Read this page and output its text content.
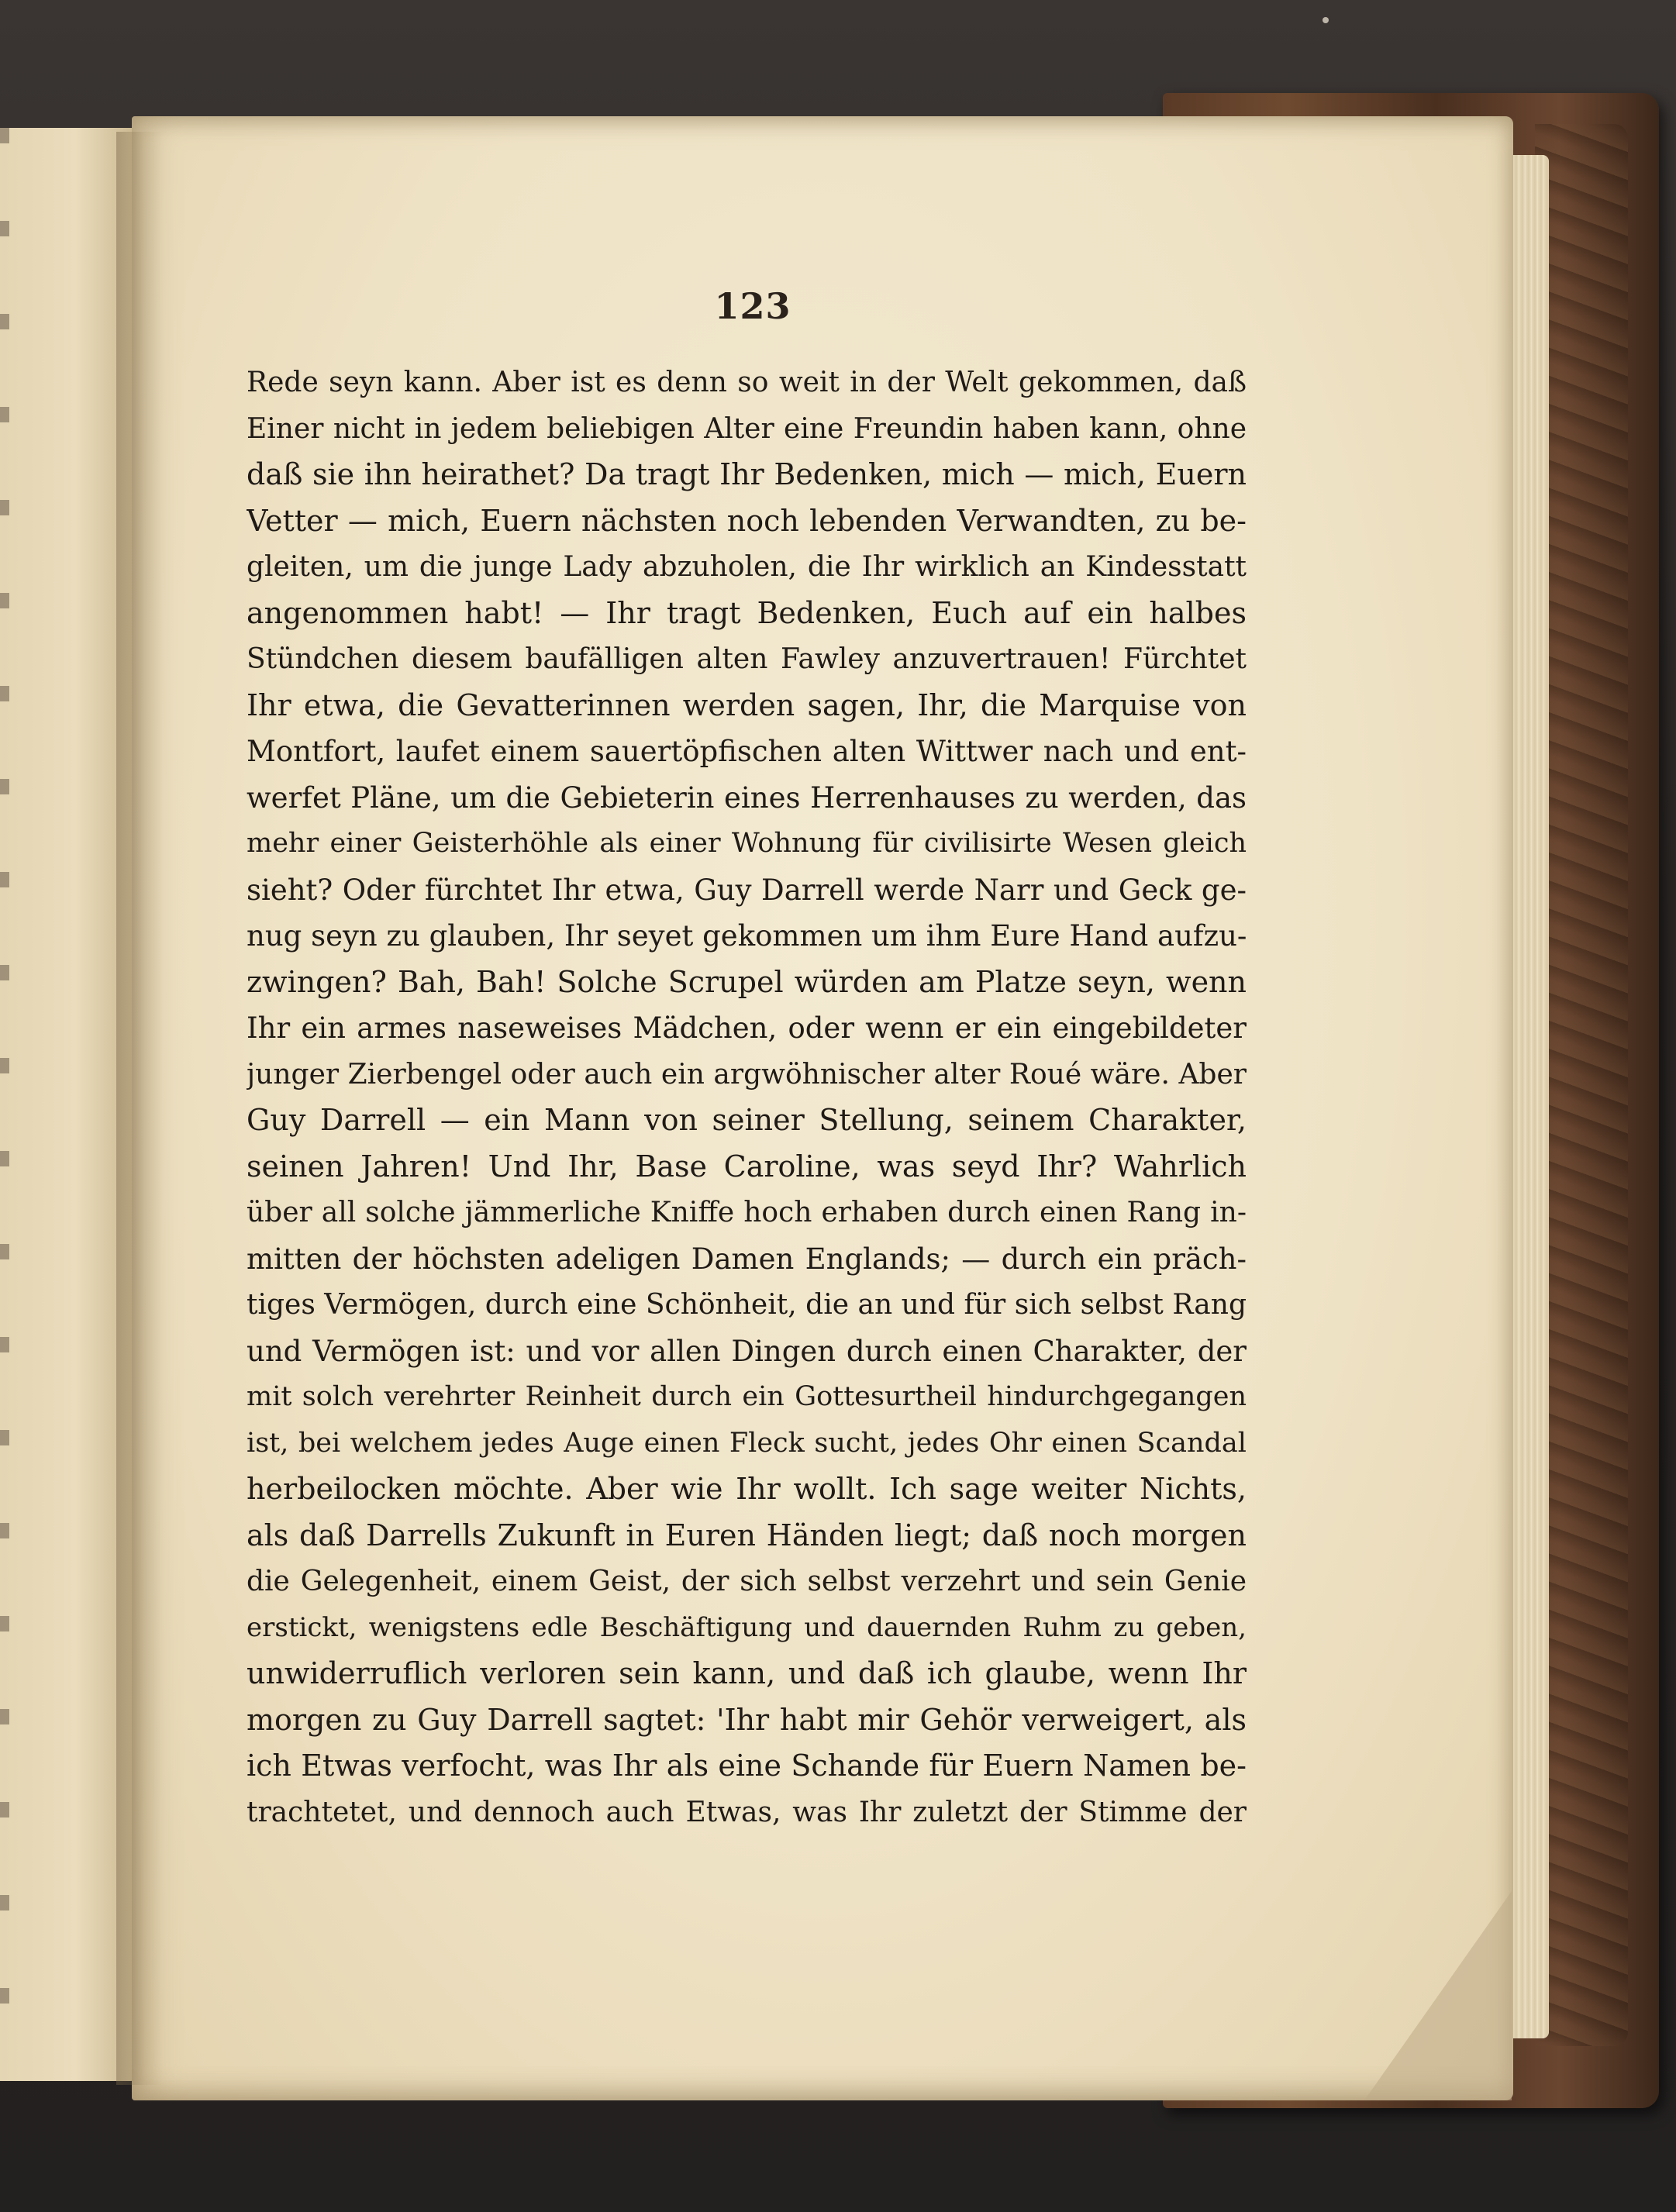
123
Rede seyn kann. Aber ist es denn so weit in der Welt gekommen, daß
Einer nicht in jedem beliebigen Alter eine Freundin haben kann, ohne
daß sie ihn heirathet? Da tragt Ihr Bedenken, mich — mich, Euern
Vetter — mich, Euern nächsten noch lebenden Verwandten, zu be-
gleiten, um die junge Lady abzuholen, die Ihr wirklich an Kindesstatt
angenommen habt! — Ihr tragt Bedenken, Euch auf ein halbes
Stündchen diesem baufälligen alten Fawley anzuvertrauen! Fürchtet
Ihr etwa, die Gevatterinnen werden sagen, Ihr, die Marquise von
Montfort, laufet einem sauertöpfischen alten Wittwer nach und ent-
werfet Pläne, um die Gebieterin eines Herrenhauses zu werden, das
mehr einer Geisterhöhle als einer Wohnung für civilisirte Wesen gleich
sieht? Oder fürchtet Ihr etwa, Guy Darrell werde Narr und Geck ge-
nug seyn zu glauben, Ihr seyet gekommen um ihm Eure Hand aufzu-
zwingen? Bah, Bah! Solche Scrupel würden am Platze seyn, wenn
Ihr ein armes naseweises Mädchen, oder wenn er ein eingebildeter
junger Zierbengel oder auch ein argwöhnischer alter Roué wäre. Aber
Guy Darrell — ein Mann von seiner Stellung, seinem Charakter,
seinen Jahren! Und Ihr, Base Caroline, was seyd Ihr? Wahrlich
über all solche jämmerliche Kniffe hoch erhaben durch einen Rang in-
mitten der höchsten adeligen Damen Englands; — durch ein präch-
tiges Vermögen, durch eine Schönheit, die an und für sich selbst Rang
und Vermögen ist: und vor allen Dingen durch einen Charakter, der
mit solch verehrter Reinheit durch ein Gottesurtheil hindurchgegangen
ist, bei welchem jedes Auge einen Fleck sucht, jedes Ohr einen Scandal
herbeilocken möchte. Aber wie Ihr wollt. Ich sage weiter Nichts,
als daß Darrells Zukunft in Euren Händen liegt; daß noch morgen
die Gelegenheit, einem Geist, der sich selbst verzehrt und sein Genie
erstickt, wenigstens edle Beschäftigung und dauernden Ruhm zu geben,
unwiderruflich verloren sein kann, und daß ich glaube, wenn Ihr
morgen zu Guy Darrell sagtet: 'Ihr habt mir Gehör verweigert, als
ich Etwas verfocht, was Ihr als eine Schande für Euern Namen be-
trachtetet, und dennoch auch Etwas, was Ihr zuletzt der Stimme der
